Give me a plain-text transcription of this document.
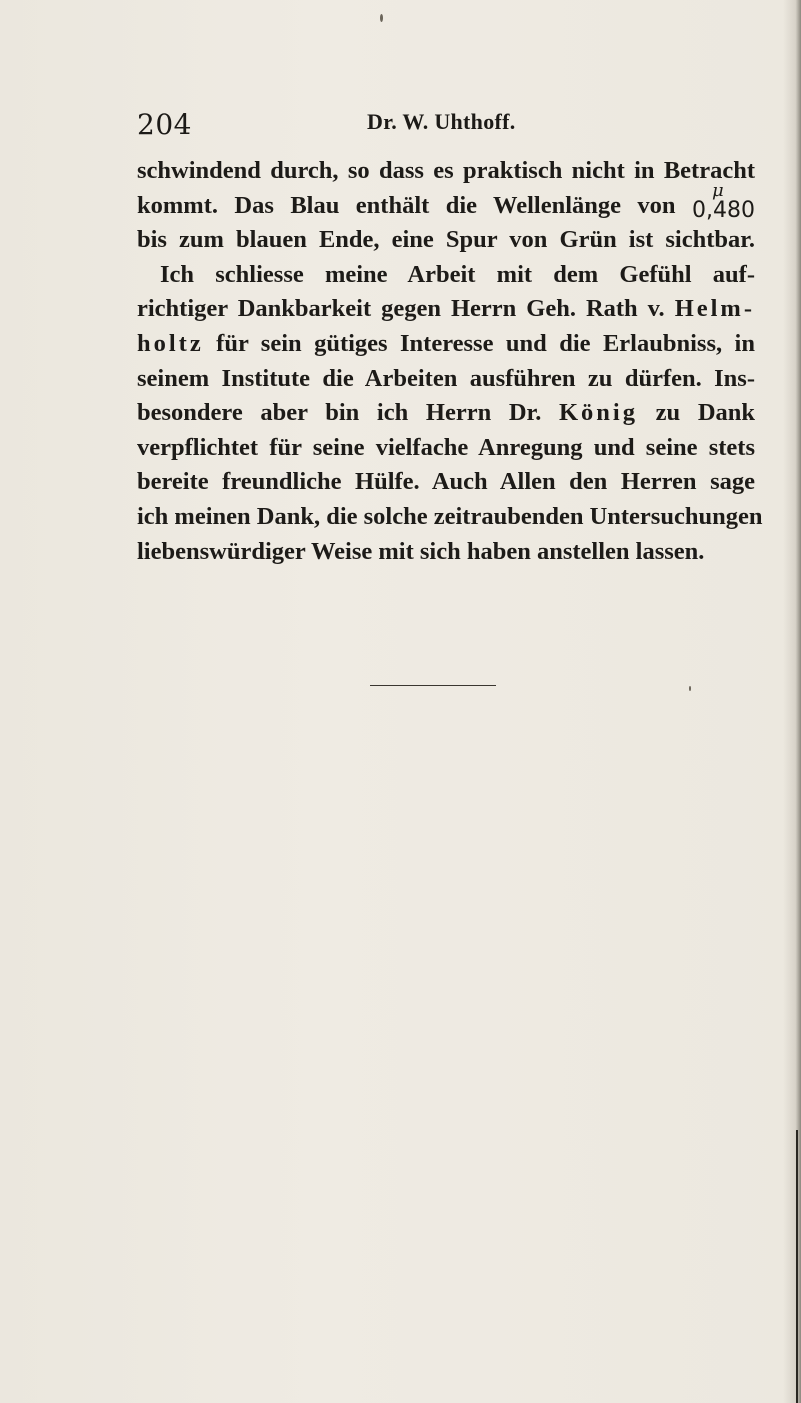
204	Dr. W. Uhthoff.
schwindend durch, so dass es praktisch nicht in Betracht
kommt. Das Blau enthält die Wellenlänge von
μ
0,480
bis zum blauen Ende, eine Spur von Grün ist sichtbar.
Ich schliesse meine Arbeit mit dem Gefühl auf-
richtiger Dankbarkeit gegen Herrn Geh. Rath v. Helm-
holtz für sein gütiges Interesse und die Erlaubniss, in
seinem Institute die Arbeiten ausführen zu dürfen. Ins-
besondere aber bin ich Herrn Dr. König zu Dank
verpflichtet für seine vielfache Anregung und seine stets
bereite freundliche Hülfe. Auch Allen den Herren sage
ich meinen Dank, die solche zeitraubenden Untersuchungen
liebenswürdiger Weise mit sich haben anstellen lassen.
